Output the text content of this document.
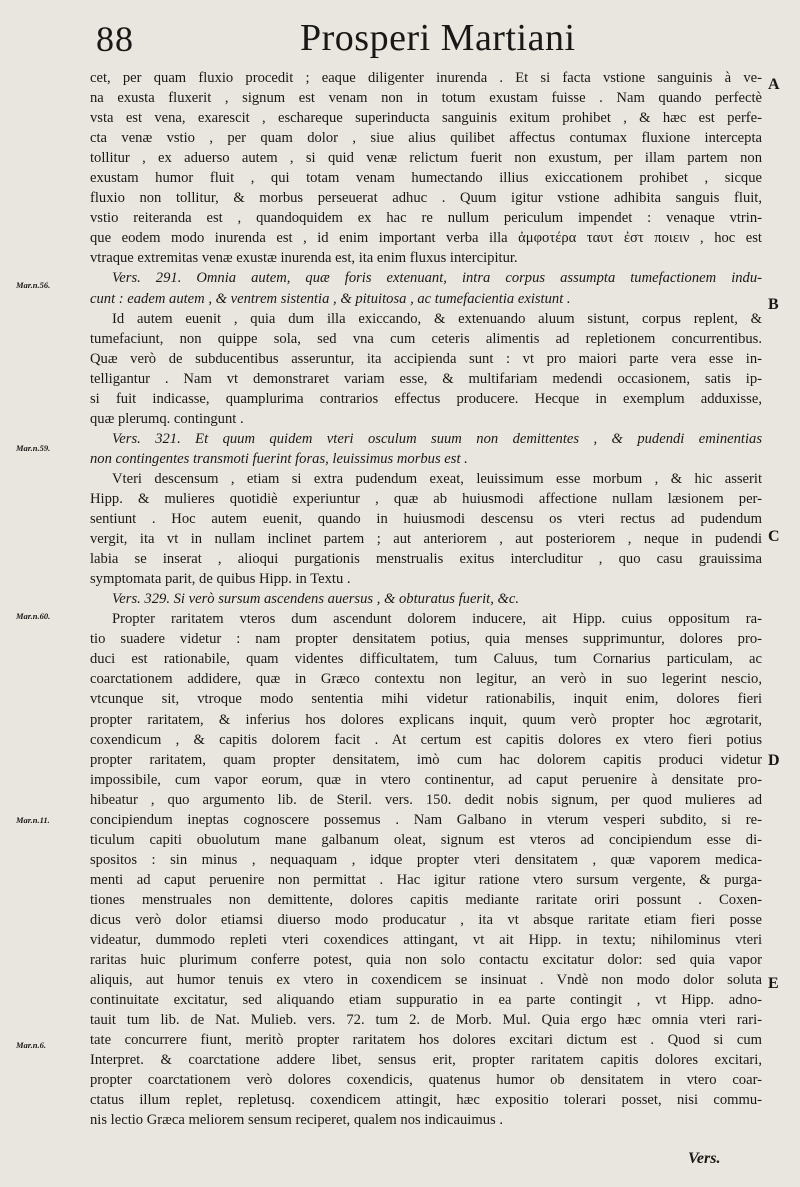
88	Prosperi Martiani
A
B
C
D
E
Mar.n.56.
Mar.n.59.
Mar.n.60.
Mar.n.11.
Mar.n.6.
cet, per quam fluxio procedit ; eaque diligenter inurenda . Et si facta vstione sanguinis à ve-
na exusta fluxerit , signum est venam non in totum exustam fuisse . Nam quando perfectè
vsta est vena, exarescit , eschareque superinducta sanguinis exitum prohibet , & hæc est perfe-
cta venæ vstio , per quam dolor , siue alius quilibet affectus contumax fluxione intercepta
tollitur , ex aduerso autem , si quid venæ relictum fuerit non exustum, per illam partem non
exustam humor fluit , qui totam venam humectando illius exiccationem prohibet , sicque
fluxio non tollitur, & morbus perseuerat adhuc . Quum igitur vstione adhibita sanguis fluit,
vstio reiteranda est , quandoquidem ex hac re nullum periculum impendet : venaque vtrin-
que eodem modo inurenda est , id enim important verba illa ἀμφοτέρα ταυτ ἐστ ποιειν , hoc est
vtraque extremitas venæ exustæ inurenda est, ita enim fluxus intercipitur.
Vers. 291. Omnia autem, quæ foris extenuant, intra corpus assumpta tumefactionem indu-
cunt : eadem autem , & ventrem sistentia , & pituitosa , ac tumefacientia existunt .
Id autem euenit , quia dum illa exiccando, & extenuando aluum sistunt, corpus replent, &
tumefaciunt, non quippe sola, sed vna cum ceteris alimentis ad repletionem concurrentibus.
Quæ verò de subducentibus asseruntur, ita accipienda sunt : vt pro maiori parte vera esse in-
telligantur . Nam vt demonstraret variam esse, & multifariam medendi occasionem, satis ip-
si fuit indicasse, quamplurima contrarios effectus producere. Hecque in exemplum adduxisse,
quæ plerumq. contingunt .
Vers. 321. Et quum quidem vteri osculum suum non demittentes , & pudendi eminentias
non contingentes transmoti fuerint foras, leuissimus morbus est .
Vteri descensum , etiam si extra pudendum exeat, leuissimum esse morbum , & hic asserit
Hipp. & mulieres quotidiè experiuntur , quæ ab huiusmodi affectione nullam læsionem per-
sentiunt . Hoc autem euenit, quando in huiusmodi descensu os vteri rectus ad pudendum
vergit, ita vt in nullam inclinet partem ; aut anteriorem , aut posteriorem , neque in pudendi
labia se inserat , alioqui purgationis menstrualis exitus intercluditur , quo casu grauissima
symptomata parit, de quibus Hipp. in Textu .
Vers. 329. Si verò sursum ascendens auersus , & obturatus fuerit, &c.
Propter raritatem vteros dum ascendunt dolorem inducere, ait Hipp. cuius oppositum ra-
tio suadere videtur : nam propter densitatem potius, quia menses supprimuntur, dolores pro-
duci est rationabile, quam videntes difficultatem, tum Caluus, tum Cornarius particulam, ac
coarctationem addidere, quæ in Græco contextu non legitur, an verò in suo legerint nescio,
vtcunque sit, vtroque modo sententia mihi videtur rationabilis, inquit enim, dolores fieri
propter raritatem, & inferius hos dolores explicans inquit, quum verò propter hoc ægrotarit,
coxendicum , & capitis dolorem facit . At certum est capitis dolores ex vtero fieri potius
propter raritatem, quam propter densitatem, imò cum hac dolorem capitis produci videtur
impossibile, cum vapor eorum, quæ in vtero continentur, ad caput peruenire à densitate pro-
hibeatur , quo argumento lib. de Steril. vers. 150. dedit nobis signum, per quod mulieres ad
concipiendum ineptas cognoscere possemus . Nam Galbano in vterum vesperi subdito, si re-
ticulum capiti obuolutum mane galbanum oleat, signum est vteros ad concipiendum esse di-
spositos : sin minus , nequaquam , idque propter vteri densitatem , quæ vaporem medica-
menti ad caput peruenire non permittat . Hac igitur ratione vtero sursum vergente, & purga-
tiones menstruales non demittente, dolores capitis mediante raritate oriri possunt . Coxen-
dicus verò dolor etiamsi diuerso modo producatur , ita vt absque raritate etiam fieri posse
videatur, dummodo repleti vteri coxendices attingant, vt ait Hipp. in textu; nihilominus vteri
raritas huic plurimum conferre potest, quia non solo contactu excitatur dolor: sed quia vapor
aliquis, aut humor tenuis ex vtero in coxendicem se insinuat . Vndè non modo dolor soluta
continuitate excitatur, sed aliquando etiam suppuratio in ea parte contingit , vt Hipp. adno-
tauit tum lib. de Nat. Mulieb. vers. 72. tum 2. de Morb. Mul. Quia ergo hæc omnia vteri rari-
tate concurrere fiunt, meritò propter raritatem hos dolores excitari dictum est . Quod si cum
Interpret. & coarctatione addere libet, sensus erit, propter raritatem capitis dolores excitari,
propter coarctationem verò dolores coxendicis, quatenus humor ob densitatem in vtero coar-
ctatus illum replet, repletusq. coxendicem attingit, hæc expositio tolerari posset, nisi commu-
nis lectio Græca meliorem sensum reciperet, qualem nos indicauimus .
Vers.
